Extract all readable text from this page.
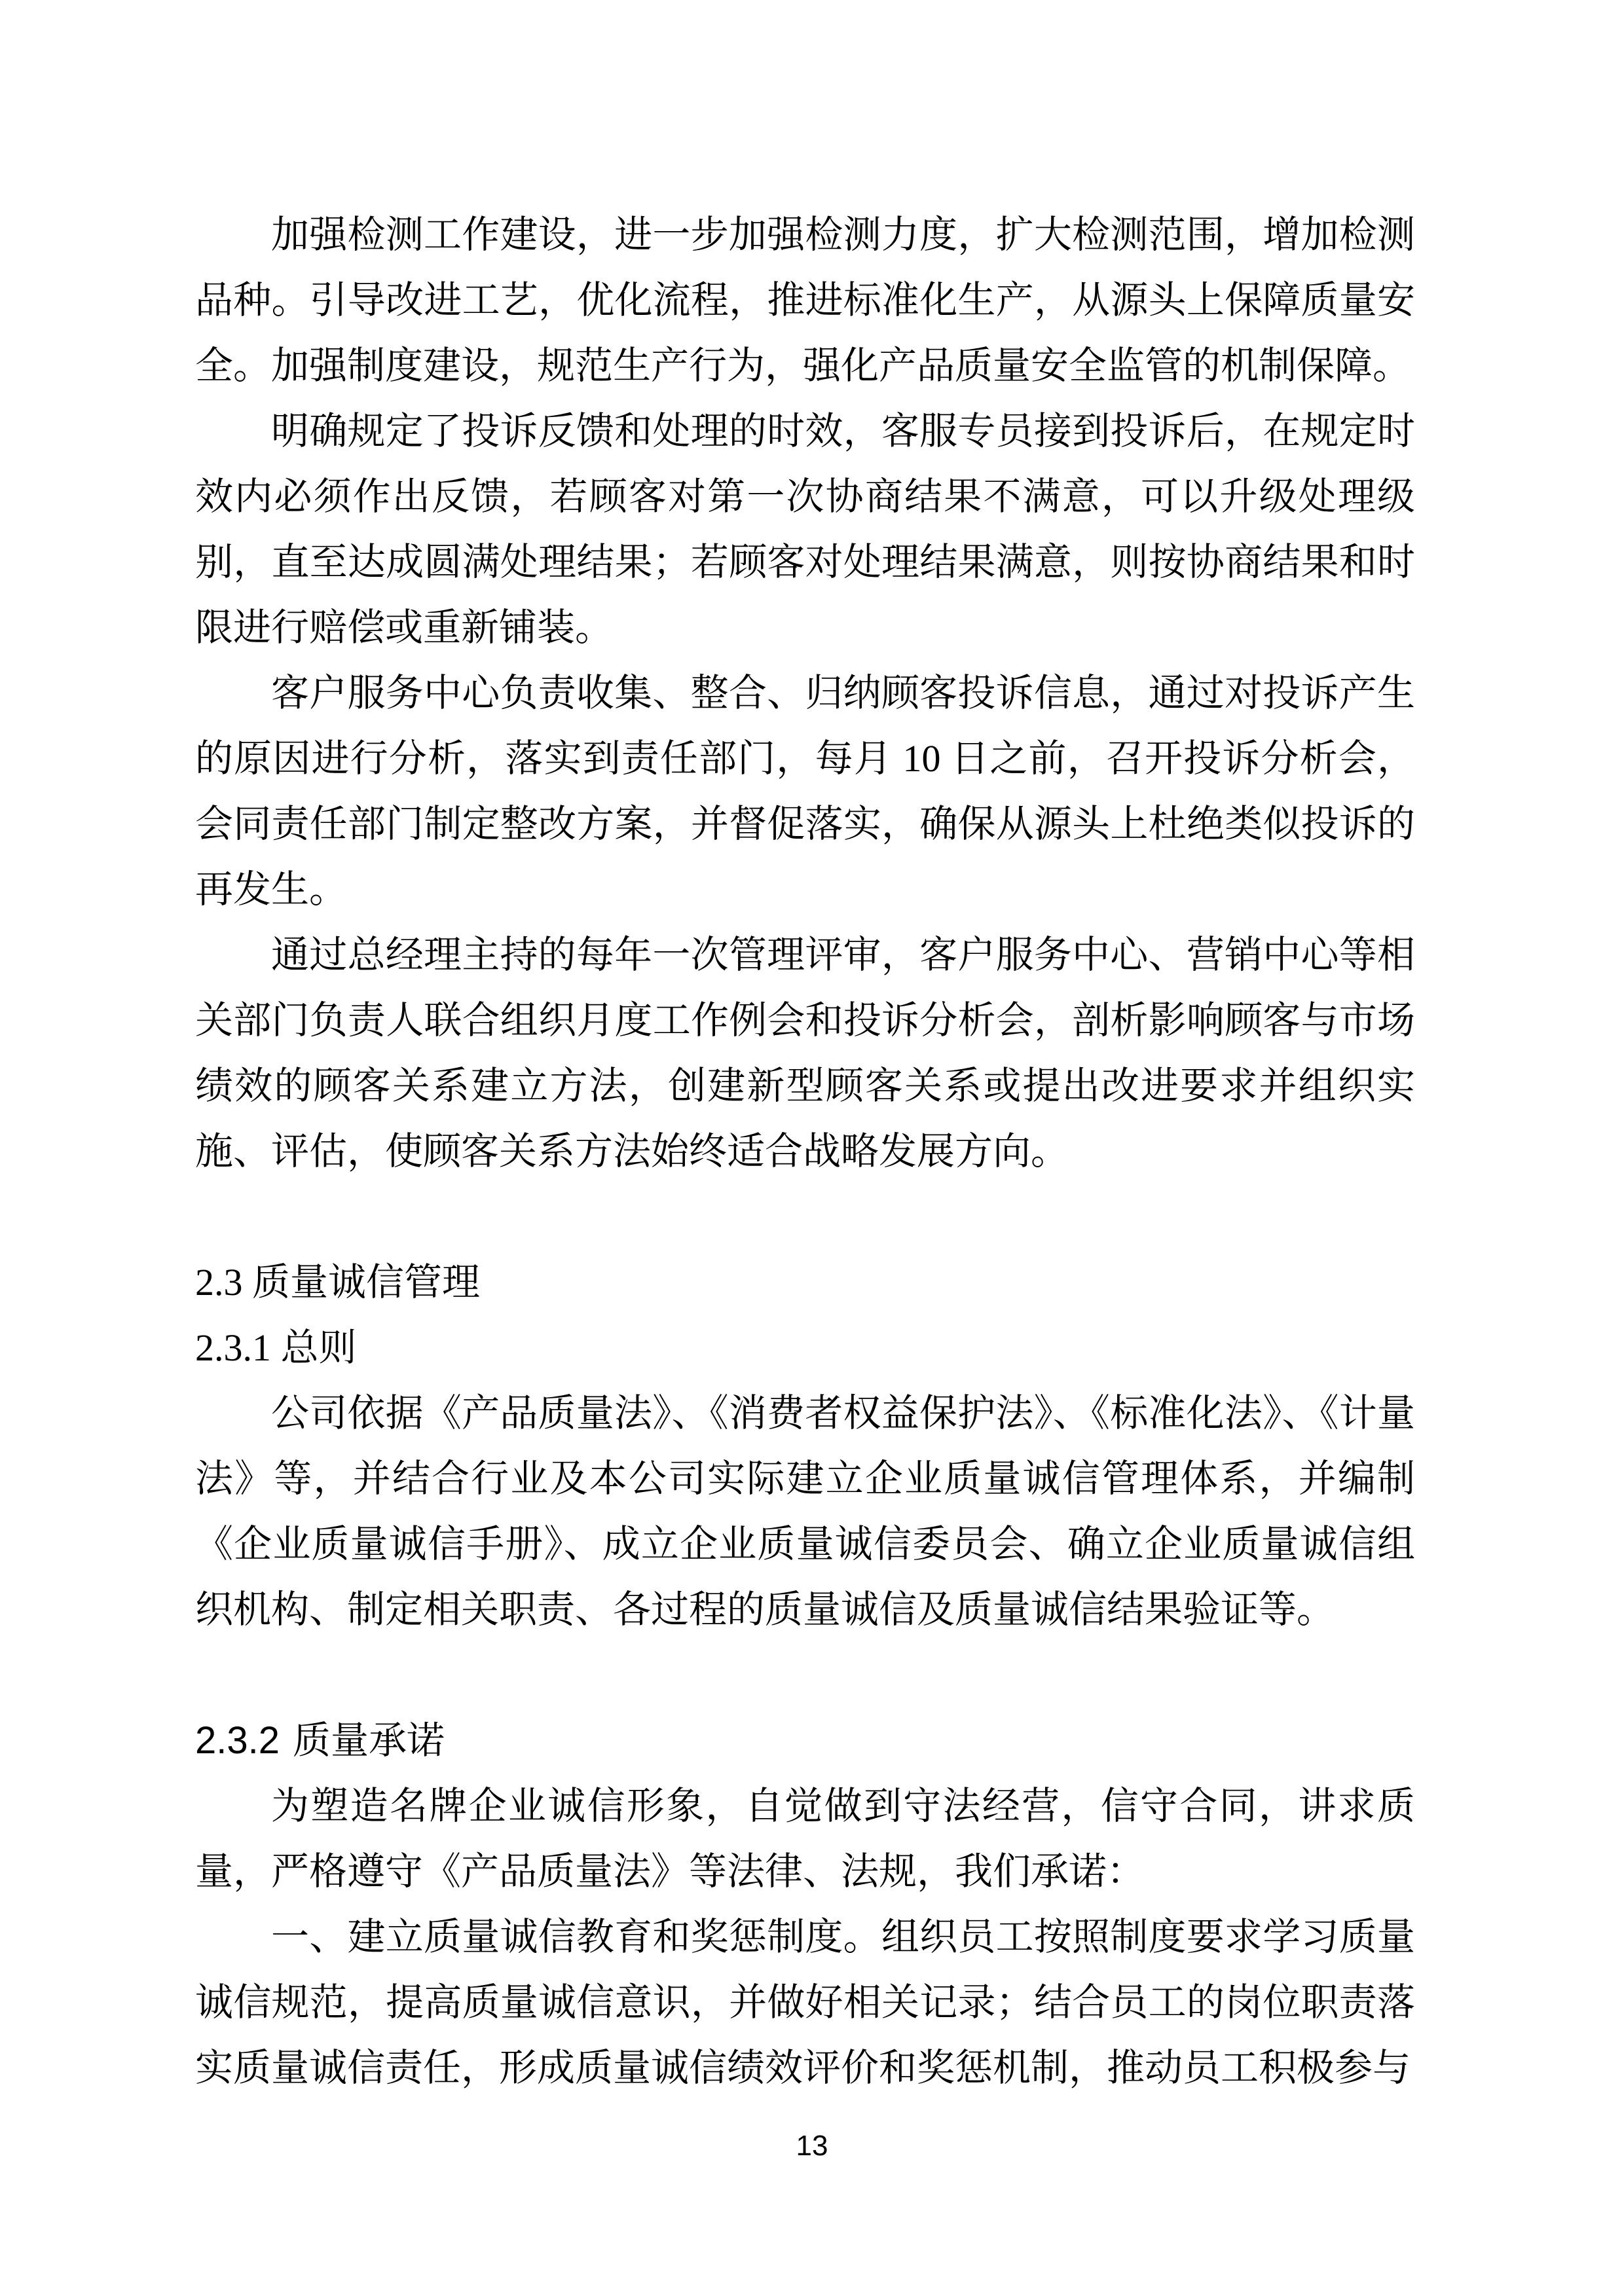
加强检测工作建设，进一步加强检测力度，扩大检测范围，增加检测品种。引导改进工艺，优化流程，推进标准化生产，从源头上保障质量安全。加强制度建设，规范生产行为，强化产品质量安全监管的机制保障。

明确规定了投诉反馈和处理的时效，客服专员接到投诉后，在规定时效内必须作出反馈，若顾客对第一次协商结果不满意，可以升级处理级别，直至达成圆满处理结果；若顾客对处理结果满意，则按协商结果和时限进行赔偿或重新铺装。

客户服务中心负责收集、整合、归纳顾客投诉信息，通过对投诉产生的原因进行分析，落实到责任部门，每月 10 日之前，召开投诉分析会，会同责任部门制定整改方案，并督促落实，确保从源头上杜绝类似投诉的再发生。

通过总经理主持的每年一次管理评审，客户服务中心、营销中心等相关部门负责人联合组织月度工作例会和投诉分析会，剖析影响顾客与市场绩效的顾客关系建立方法，创建新型顾客关系或提出改进要求并组织实施、评估，使顾客关系方法始终适合战略发展方向。

2.3 质量诚信管理
2.3.1 总则

公司依据《产品质量法》、《消费者权益保护法》、《标准化法》、《计量法》等，并结合行业及本公司实际建立企业质量诚信管理体系，并编制《企业质量诚信手册》、成立企业质量诚信委员会、确立企业质量诚信组织机构、制定相关职责、各过程的质量诚信及质量诚信结果验证等。

2.3.2 质量承诺

为塑造名牌企业诚信形象，自觉做到守法经营，信守合同，讲求质量，严格遵守《产品质量法》等法律、法规，我们承诺：

一、建立质量诚信教育和奖惩制度。组织员工按照制度要求学习质量诚信规范，提高质量诚信意识，并做好相关记录；结合员工的岗位职责落实质量诚信责任，形成质量诚信绩效评价和奖惩机制，推动员工积极参与

13
